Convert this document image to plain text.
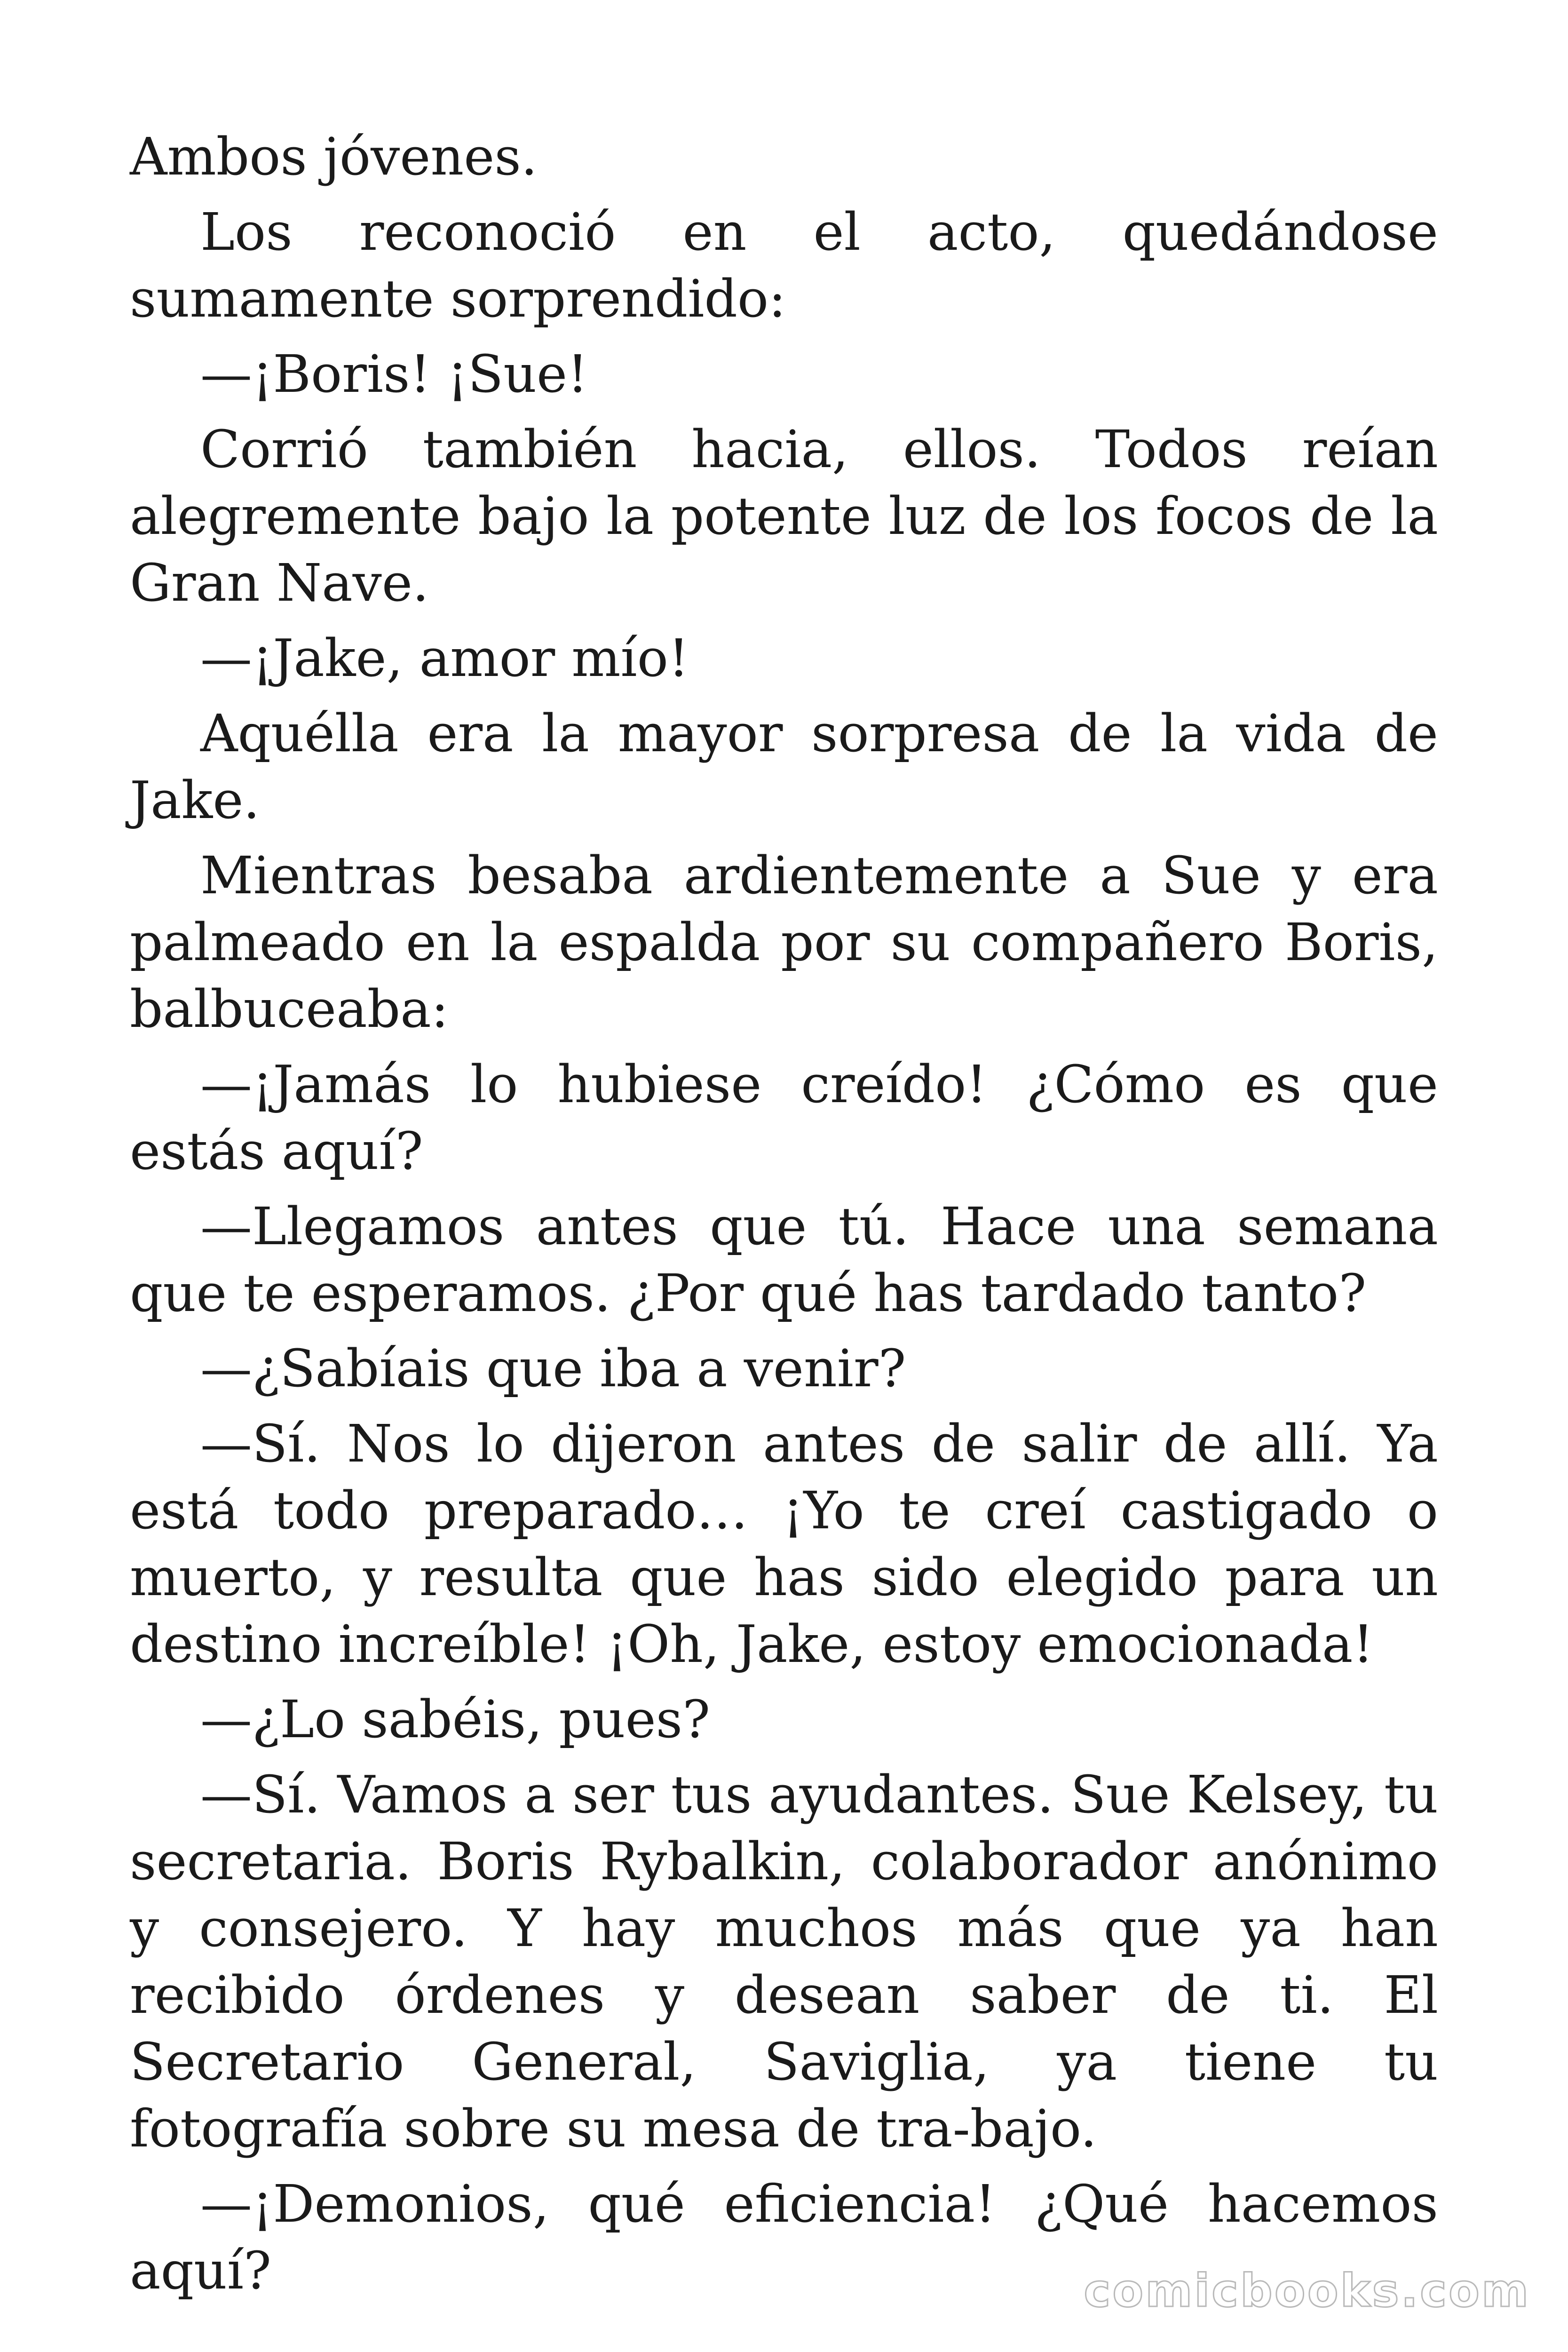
Ambos jóvenes.

Los reconoció en el acto, quedándose sumamente sorprendido:

—¡Boris! ¡Sue!

Corrió también hacia, ellos. Todos reían alegremente bajo la potente luz de los focos de la Gran Nave.

—¡Jake, amor mío!

Aquélla era la mayor sorpresa de la vida de Jake.

Mientras besaba ardientemente a Sue y era palmeado en la espalda por su compañero Boris, balbuceaba:

—¡Jamás lo hubiese creído! ¿Cómo es que estás aquí?

—Llegamos antes que tú. Hace una semana que te esperamos. ¿Por qué has tardado tanto?

—¿Sabíais que iba a venir?

—Sí. Nos lo dijeron antes de salir de allí. Ya está todo preparado… ¡Yo te creí castigado o muerto, y resulta que has sido elegido para un destino increíble! ¡Oh, Jake, estoy emocionada!

—¿Lo sabéis, pues?

—Sí. Vamos a ser tus ayudantes. Sue Kelsey, tu secretaria. Boris Rybalkin, colaborador anónimo y consejero. Y hay muchos más que ya han recibido órdenes y desean saber de ti. El Secretario General, Saviglia, ya tiene tu fotografía sobre su mesa de tra-bajo.

—¡Demonios, qué eficiencia! ¿Qué hacemos aquí?	comicbooks.com
